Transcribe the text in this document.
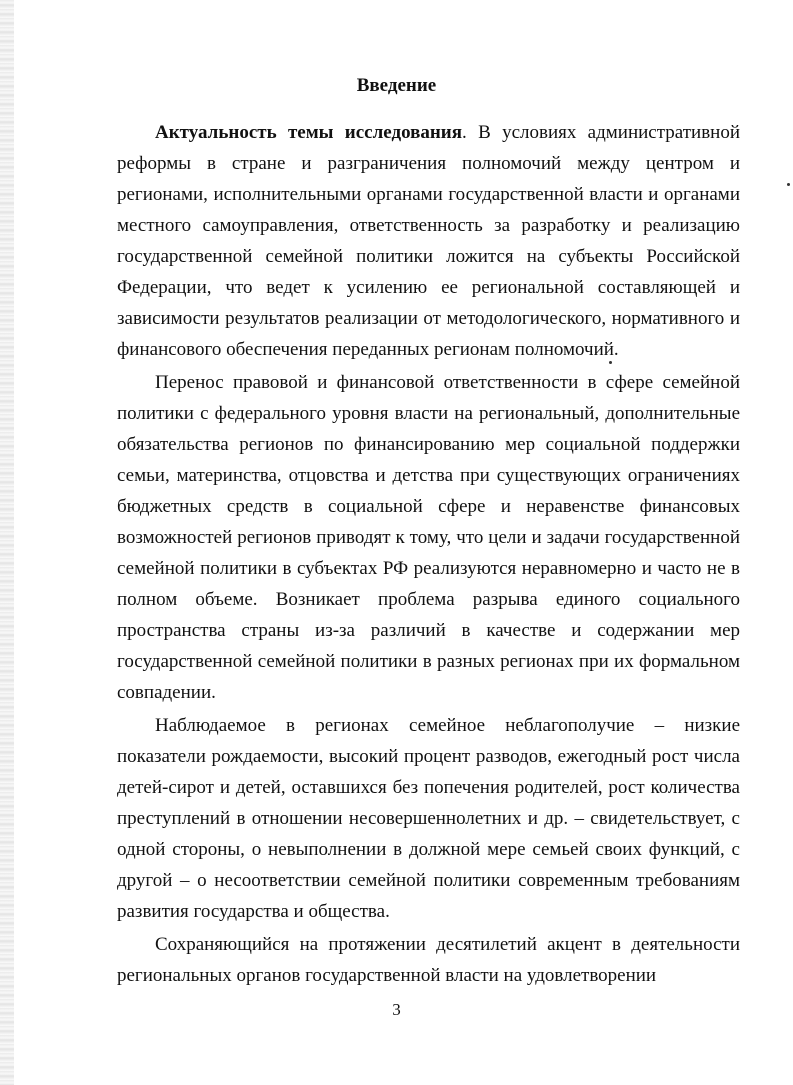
Введение

Актуальность темы исследования. В условиях административной реформы в стране и разграничения полномочий между центром и регионами, исполнительными органами государственной власти и органами местного самоуправления, ответственность за разработку и реализацию государственной семейной политики ложится на субъекты Российской Федерации, что ведет к усилению ее региональной составляющей и зависимости результатов реализации от методологического, нормативного и финансового обеспечения переданных регионам полномочий.

Перенос правовой и финансовой ответственности в сфере семейной политики с федерального уровня власти на региональный, дополнительные обязательства регионов по финансированию мер социальной поддержки семьи, материнства, отцовства и детства при существующих ограничениях бюджетных средств в социальной сфере и неравенстве финансовых возможностей регионов приводят к тому, что цели и задачи государственной семейной политики в субъектах РФ реализуются неравномерно и часто не в полном объеме. Возникает проблема разрыва единого социального пространства страны из-за различий в качестве и содержании мер государственной семейной политики в разных регионах при их формальном совпадении.

Наблюдаемое в регионах семейное неблагополучие – низкие показатели рождаемости, высокий процент разводов, ежегодный рост числа детей-сирот и детей, оставшихся без попечения родителей, рост количества преступлений в отношении несовершеннолетних и др. – свидетельствует, с одной стороны, о невыполнении в должной мере семьей своих функций, с другой – о несоответствии семейной политики современным требованиям развития государства и общества.

Сохраняющийся на протяжении десятилетий акцент в деятельности региональных органов государственной власти на удовлетворении

3
